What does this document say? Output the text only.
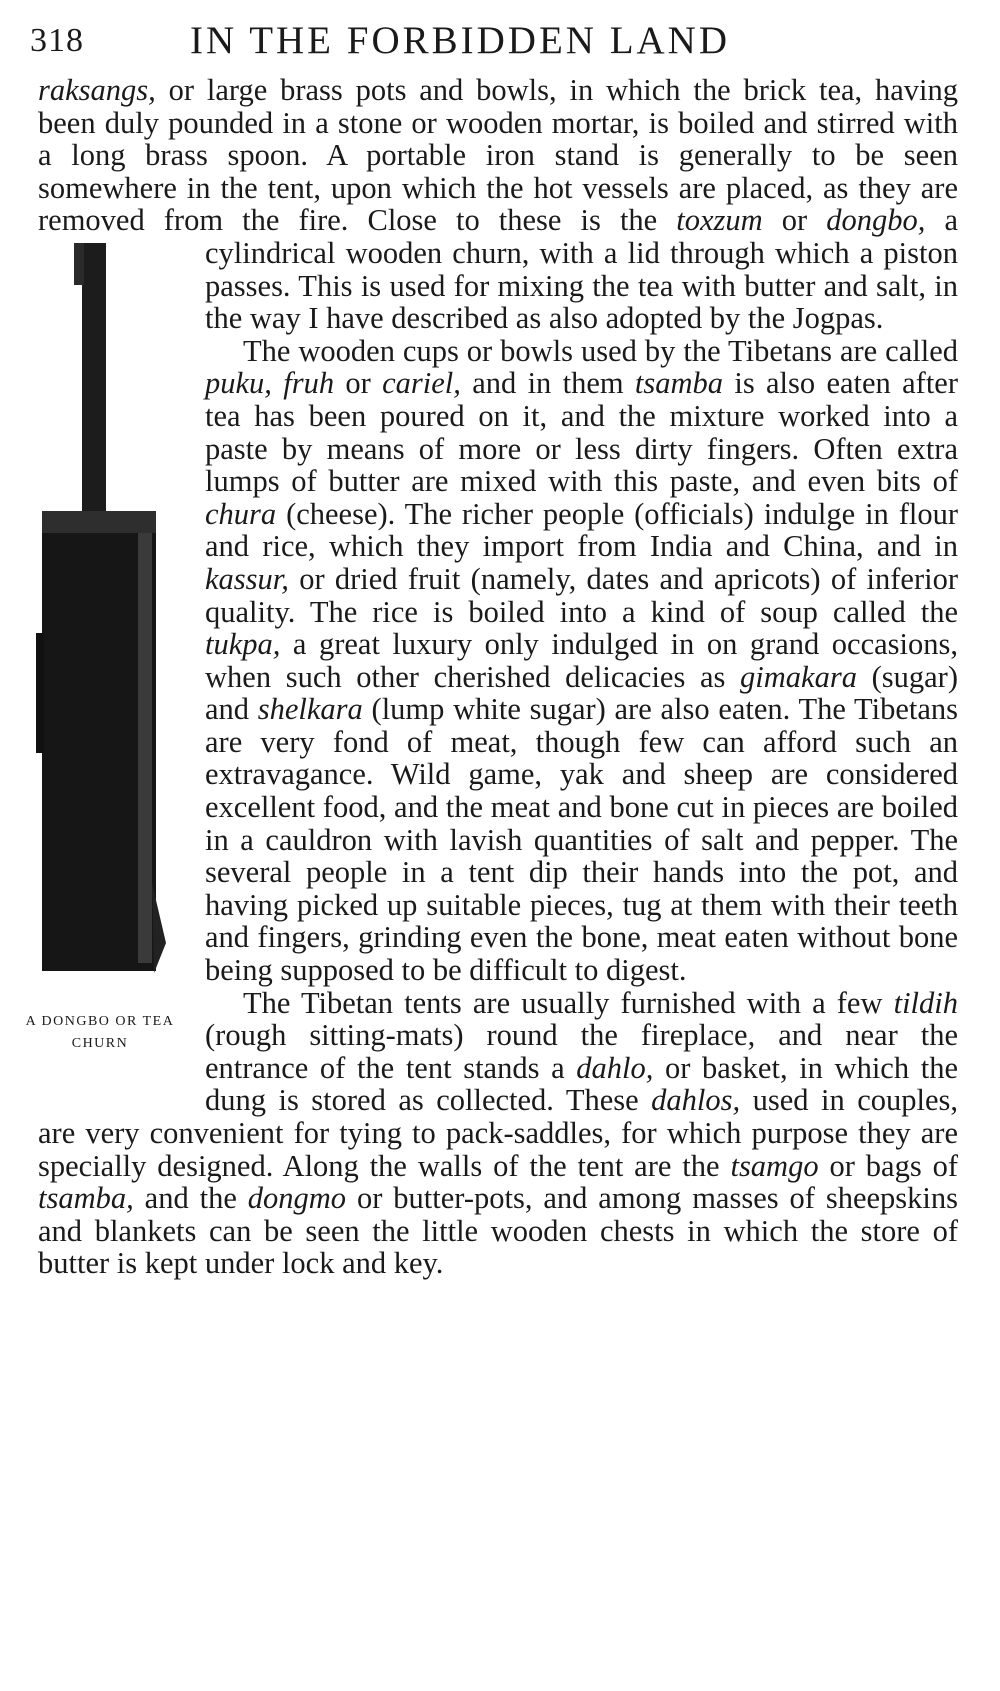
318	IN THE FORBIDDEN LAND

raksangs, or large brass pots and bowls, in which the brick tea, having been duly pounded in a stone or wooden mortar, is boiled and stirred with a long brass spoon. A portable iron stand is generally to be seen somewhere in the tent, upon which the hot vessels are placed, as they are removed from the fire. Close to these is the toxzum or dongbo,
A DONGBO OR TEA
CHURN
a cylindrical wooden churn, with a lid through which a piston passes. This is used for mixing the tea with butter and salt, in the way I have described as also adopted by the Jogpas.

The wooden cups or bowls used by the Tibetans are called puku, fruh or cariel, and in them tsamba is also eaten after tea has been poured on it, and the mixture worked into a paste by means of more or less dirty fingers. Often extra lumps of butter are mixed with this paste, and even bits of chura (cheese). The richer people (officials) indulge in flour and rice, which they import from India and China, and in kassur, or dried fruit (namely, dates and apricots) of inferior quality. The rice is boiled into a kind of soup called the tukpa, a great luxury only indulged in on grand occasions, when such other cherished delicacies as gimakara (sugar) and shelkara (lump white sugar) are also eaten. The Tibetans are very fond of meat, though few can afford such an extravagance. Wild game, yak and sheep are considered excellent food, and the meat and bone cut in pieces are boiled in a cauldron with lavish quantities of salt and pepper. The several people in a tent dip their hands into the pot, and having picked up suitable pieces, tug at them with their teeth and fingers, grinding even the bone, meat eaten without bone being supposed to be difficult to digest.

The Tibetan tents are usually furnished with a few tildih (rough sitting-mats) round the fireplace, and near the entrance of the tent stands a dahlo, or basket, in which the dung is stored as collected. These dahlos, used in couples, are very convenient for tying to pack-saddles, for which purpose they are specially designed. Along the walls of the tent are the tsamgo or bags of tsamba, and the dongmo or butter-pots, and among masses of sheepskins and blankets can be seen the little wooden chests in which the store of butter is kept under lock and key.
